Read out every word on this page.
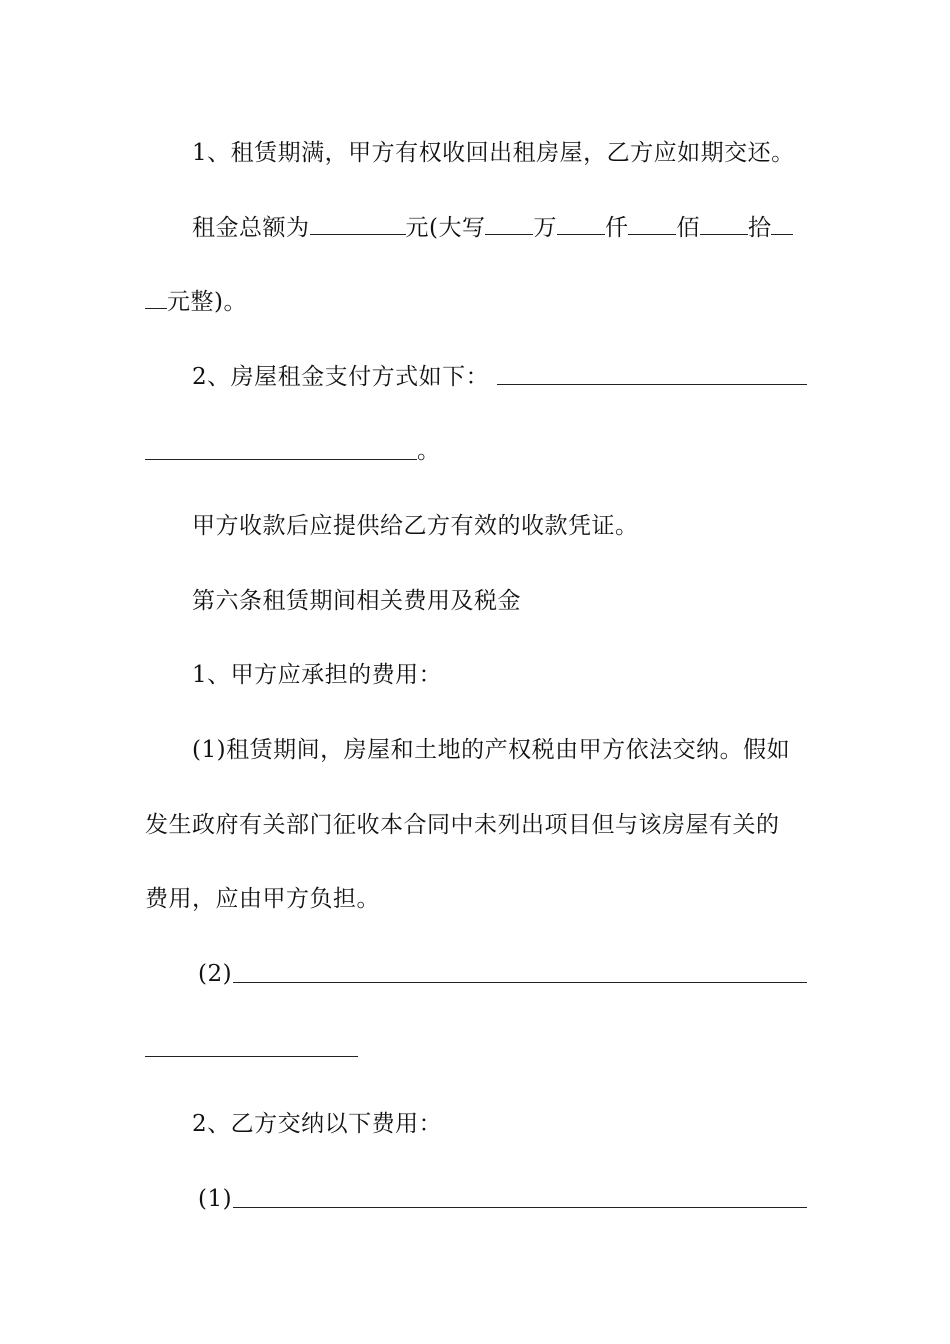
1、租赁期满，甲方有权收回出租房屋，乙方应如期交还。
租金总额为	元(大写 万 仟 佰 拾
元整)。
2、房屋租金支付方式如下：
。
甲方收款后应提供给乙方有效的收款凭证。
第六条租赁期间相关费用及税金
1、甲方应承担的费用：
(1)租赁期间，房屋和土地的产权税由甲方依法交纳。假如
发生政府有关部门征收本合同中未列出项目但与该房屋有关的
费用，应由甲方负担。
(2)
2、乙方交纳以下费用：
(1)
